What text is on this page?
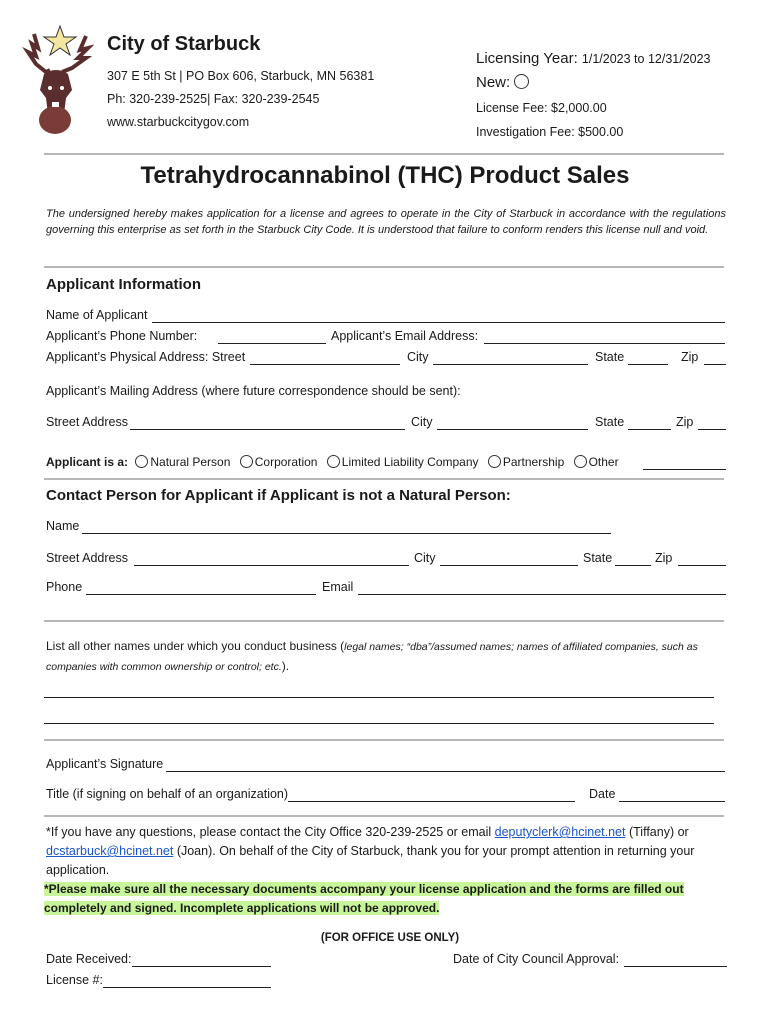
City of Starbuck
307 E 5th St | PO Box 606, Starbuck, MN 56381
Ph: 320-239-2525| Fax: 320-239-2545
www.starbuckcitygov.com
Licensing Year: 1/1/2023 to 12/31/2023
New:
License Fee: $2,000.00
Investigation Fee: $500.00
Tetrahydrocannabinol (THC) Product Sales
The undersigned hereby makes application for a license and agrees to operate in the City of Starbuck in accordance with the regulations governing this enterprise as set forth in the Starbuck City Code. It is understood that failure to conform renders this license null and void.
Applicant Information
Name of Applicant
Applicant’s Phone Number:	Applicant’s Email Address:
Applicant’s Physical Address: Street	City	State	Zip
Applicant’s Mailing Address (where future correspondence should be sent):
Street Address	City	State	Zip
Applicant is a: Natural Person Corporation Limited Liability Company Partnership Other
Contact Person for Applicant if Applicant is not a Natural Person:
Name
Street Address	City	State	Zip
Phone	Email
List all other names under which you conduct business (legal names; “dba”/assumed names; names of affiliated companies, such as companies with common ownership or control; etc.).
Applicant’s Signature
Title (if signing on behalf of an organization)	Date
*If you have any questions, please contact the City Office 320-239-2525 or email deputyclerk@hcinet.net (Tiffany) or dcstarbuck@hcinet.net (Joan). On behalf of the City of Starbuck, thank you for your prompt attention in returning your application.
*Please make sure all the necessary documents accompany your license application and the forms are filled out completely and signed. Incomplete applications will not be approved.
(FOR OFFICE USE ONLY)
Date Received:	Date of City Council Approval:
License #:
